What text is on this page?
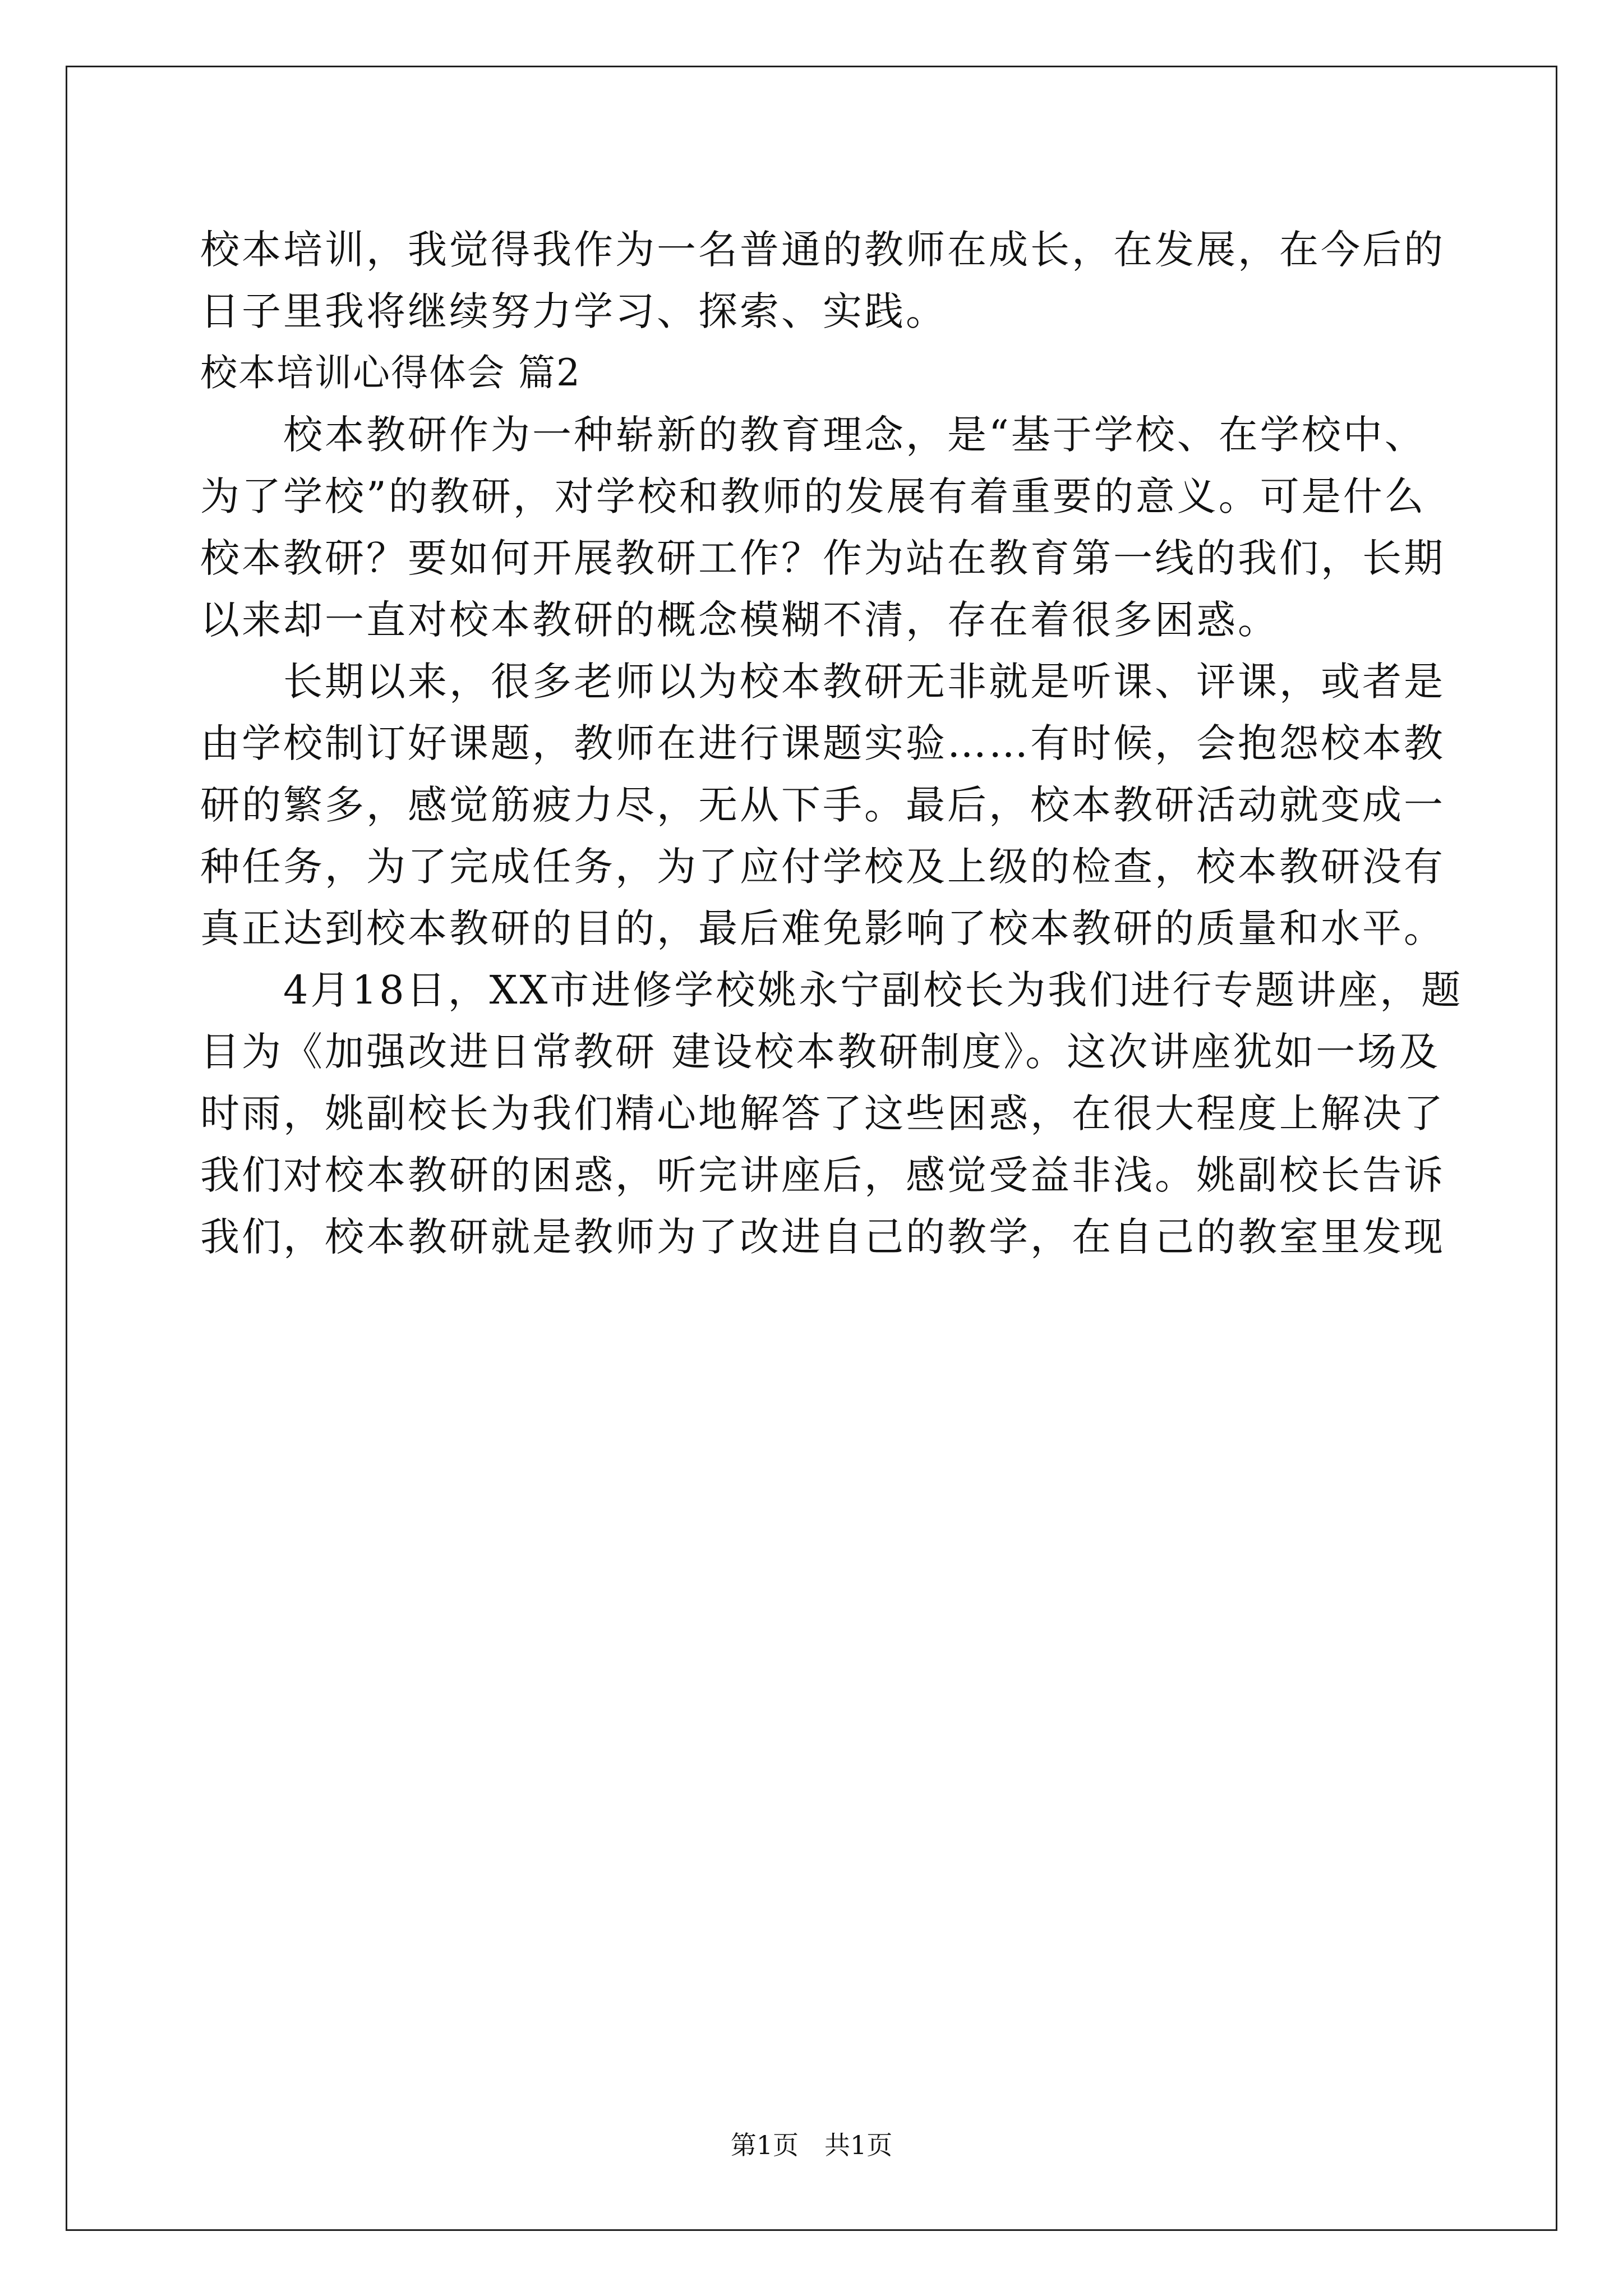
校本培训，我觉得我作为一名普通的教师在成长，在发展，在今后的
日子里我将继续努力学习、探索、实践。
校本培训心得体会 篇2
　　校本教研作为一种崭新的教育理念，是“基于学校、在学校中、
为了学校”的教研，对学校和教师的发展有着重要的意义。可是什么
校本教研？要如何开展教研工作？作为站在教育第一线的我们，长期
以来却一直对校本教研的概念模糊不清，存在着很多困惑。
　　长期以来，很多老师以为校本教研无非就是听课、评课，或者是
由学校制订好课题，教师在进行课题实验……有时候，会抱怨校本教
研的繁多，感觉筋疲力尽，无从下手。最后，校本教研活动就变成一
种任务，为了完成任务，为了应付学校及上级的检查，校本教研没有
真正达到校本教研的目的，最后难免影响了校本教研的质量和水平。
　　4月18日，XX市进修学校姚永宁副校长为我们进行专题讲座，题
目为《加强改进日常教研 建设校本教研制度》。这次讲座犹如一场及
时雨，姚副校长为我们精心地解答了这些困惑，在很大程度上解决了
我们对校本教研的困惑，听完讲座后，感觉受益非浅。姚副校长告诉
我们，校本教研就是教师为了改进自己的教学，在自己的教室里发现
第1页　共1页
